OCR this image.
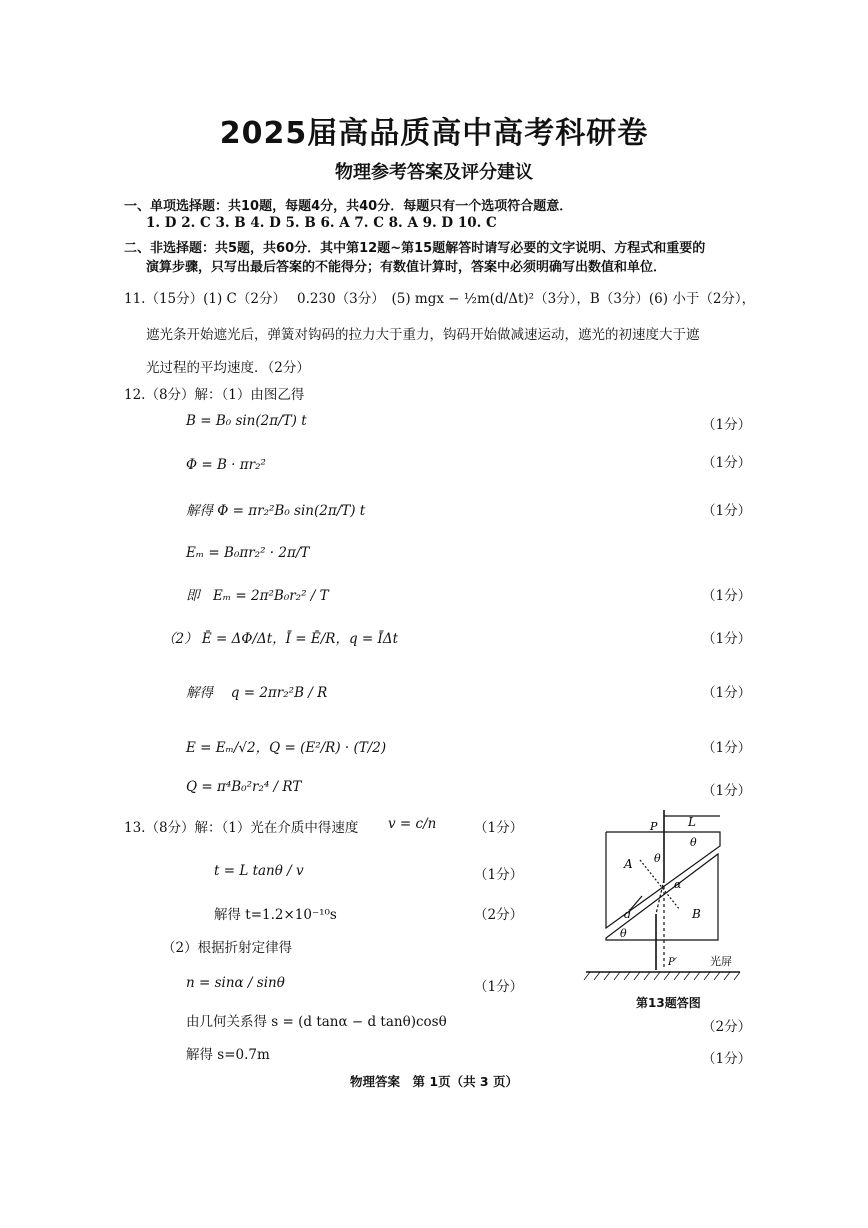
2025届高品质高中高考科研卷
物理参考答案及评分建议
一、单项选择题：共10题，每题4分，共40分．每题只有一个选项符合题意．
1. D 2. C 3. B 4. D 5. B 6. A 7. C 8. A 9. D 10. C
二、非选择题：共5题，共60分．其中第12题~第15题解答时请写必要的文字说明、方程式和重要的
演算步骤，只写出最后答案的不能得分；有数值计算时，答案中必须明确写出数值和单位．
11.（15分）(1) C（2分）　 0.230（3分）　(5) mgx − ½m(d/Δt)²（3分），B（3分）(6) 小于（2分），
遮光条开始遮光后，弹簧对钩码的拉力大于重力，钩码开始做减速运动，遮光的初速度大于遮
光过程的平均速度．（2分）
12.（8分）解：（1）由图乙得
B = B₀ sin(2π/T) t	（1分）
Φ = B · πr₂²	（1分）
解得 Φ = πr₂²B₀ sin(2π/T) t	（1分）
Eₘ = B₀πr₂² · 2π/T
即　Eₘ = 2π²B₀r₂² / T	（1分）
（2） Ē = ΔΦ/Δt，Ī = Ē/R，q = ĪΔt	（1分）
解得　 q = 2πr₂²B / R	（1分）
E = Eₘ/√2，Q = (E²/R) · (T/2)	（1分）
Q = π⁴B₀²r₂⁴ / RT	（1分）
13.（8分）解：（1）光在介质中得速度 v = c/n	（1分）
t = L tanθ / v	（1分）
解得 t=1.2×10⁻¹⁰s	（2分）
（2）根据折射定律得
n = sinα / sinθ	（1分）
由几何关系得 s = (d tanα − d tanθ)cosθ	（2分）
解得 s=0.7m	（1分）
P	L
θ
θ
A
α
d	B
θ
P′	光屏
第13题答图
物理答案　第 1页（共 3 页）
